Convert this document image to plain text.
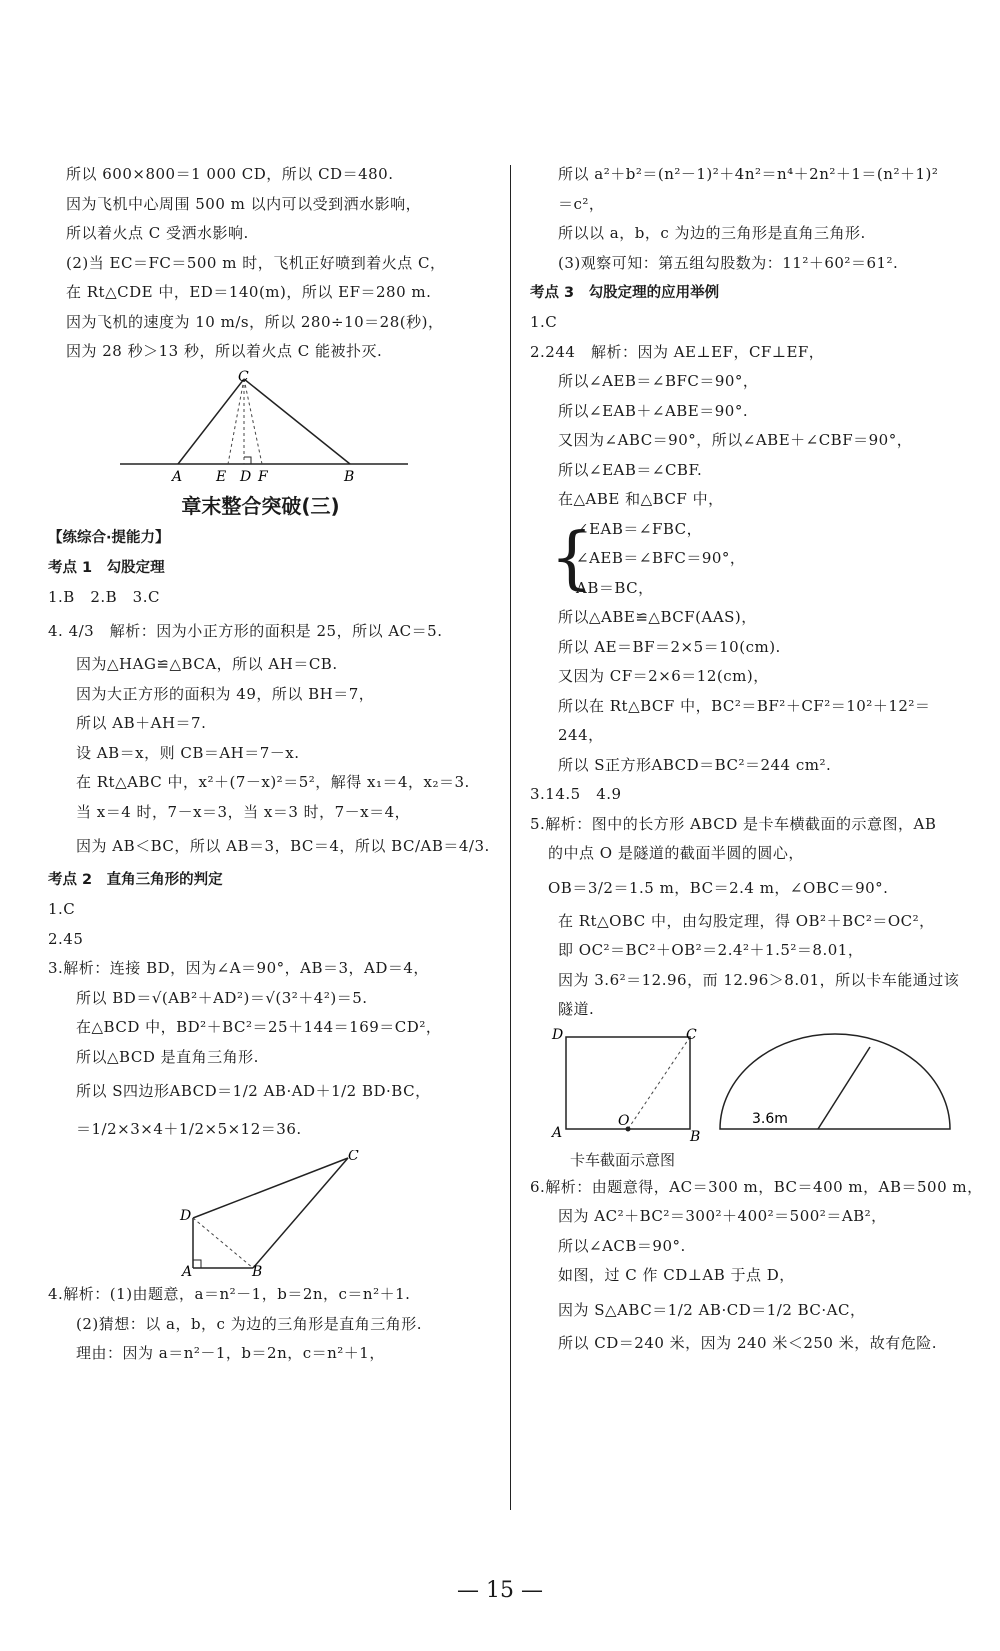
所以 600×800＝1 000 CD，所以 CD＝480.
因为飞机中心周围 500 m 以内可以受到洒水影响，
所以着火点 C 受洒水影响.
(2)当 EC＝FC＝500 m 时，飞机正好喷到着火点 C，
在 Rt△CDE 中，ED＝140(m)，所以 EF＝280 m.
因为飞机的速度为 10 m/s，所以 280÷10＝28(秒)，
因为 28 秒＞13 秒，所以着火点 C 能被扑灭.
C
A E D F	B
章末整合突破(三)
【练综合·提能力】
考点 1　勾股定理
1.B　2.B　3.C
4. 4/3　解析：因为小正方形的面积是 25，所以 AC＝5.
因为△HAG≌△BCA，所以 AH＝CB.
因为大正方形的面积为 49，所以 BH＝7，
所以 AB＋AH＝7.
设 AB＝x，则 CB＝AH＝7－x.
在 Rt△ABC 中，x²＋(7－x)²＝5²，解得 x₁＝4，x₂＝3.
当 x＝4 时，7－x＝3，当 x＝3 时，7－x＝4，
因为 AB＜BC，所以 AB＝3，BC＝4，所以 BC/AB＝4/3.
考点 2　直角三角形的判定
1.C
2.45
3.解析：连接 BD，因为∠A＝90°，AB＝3，AD＝4，
所以 BD＝√(AB²＋AD²)＝√(3²＋4²)＝5.
在△BCD 中，BD²＋BC²＝25＋144＝169＝CD²，
所以△BCD 是直角三角形.
所以 S四边形ABCD＝1/2 AB·AD＋1/2 BD·BC，
＝1/2×3×4＋1/2×5×12＝36.
C
D
A	B
4.解析：(1)由题意，a＝n²－1，b＝2n，c＝n²＋1.
(2)猜想：以 a，b，c 为边的三角形是直角三角形.
理由：因为 a＝n²－1，b＝2n，c＝n²＋1，
所以 a²＋b²＝(n²－1)²＋4n²＝n⁴＋2n²＋1＝(n²＋1)²
＝c²，
所以以 a，b，c 为边的三角形是直角三角形.
(3)观察可知：第五组勾股数为：11²＋60²＝61².
考点 3　勾股定理的应用举例
1.C
2.244　解析：因为 AE⊥EF，CF⊥EF，
所以∠AEB＝∠BFC＝90°，
所以∠EAB＋∠ABE＝90°.
又因为∠ABC＝90°，所以∠ABE＋∠CBF＝90°，
所以∠EAB＝∠CBF.
在△ABE 和△BCF 中，
{
∠EAB＝∠FBC，
∠AEB＝∠BFC＝90°，
AB＝BC，
所以△ABE≌△BCF(AAS)，
所以 AE＝BF＝2×5＝10(cm).
又因为 CF＝2×6＝12(cm)，
所以在 Rt△BCF 中，BC²＝BF²＋CF²＝10²＋12²＝
244，
所以 S正方形ABCD＝BC²＝244 cm².
3.14.5　4.9
5.解析：图中的长方形 ABCD 是卡车横截面的示意图，AB
的中点 O 是隧道的截面半圆的圆心，
OB＝3/2＝1.5 m，BC＝2.4 m，∠OBC＝90°.
在 Rt△OBC 中，由勾股定理，得 OB²＋BC²＝OC²，
即 OC²＝BC²＋OB²＝2.4²＋1.5²＝8.01，
因为 3.6²＝12.96，而 12.96＞8.01，所以卡车能通过该
隧道.
D	C
A
O
B
3.6m
卡车截面示意图
6.解析：由题意得，AC＝300 m，BC＝400 m，AB＝500 m，
因为 AC²＋BC²＝300²＋400²＝500²＝AB²，
所以∠ACB＝90°.
如图，过 C 作 CD⊥AB 于点 D，
因为 S△ABC＝1/2 AB·CD＝1/2 BC·AC，
所以 CD＝240 米，因为 240 米＜250 米，故有危险.
— 15 —
